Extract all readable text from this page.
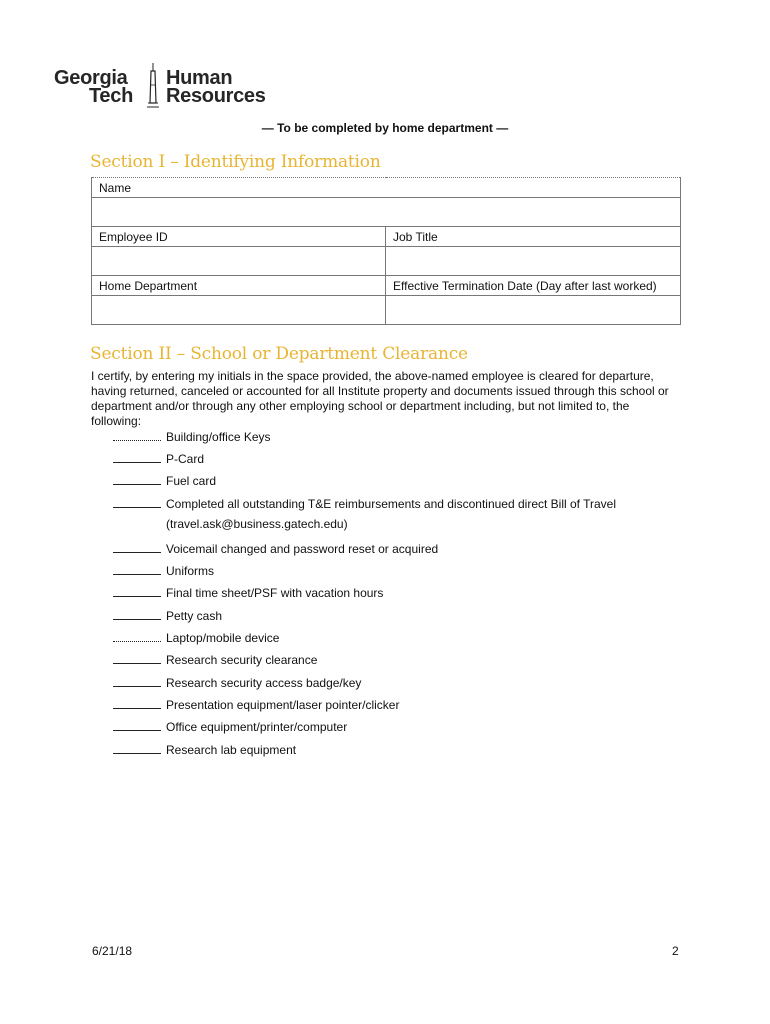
Georgia
Tech
Human
Resources
— To be completed by home department —
Section I – Identifying Information
Name	

Employee ID	Job Title

Home Department	Effective Termination Date (Day after last worked)

Section II – School or Department Clearance
I certify, by entering my initials in the space provided, the above-named employee is cleared for departure, having returned, canceled or accounted for all Institute property and documents issued through this school or department and/or through any other employing school or department including, but not limited to, the following:
Building/office Keys
P-Card
Fuel card
Completed all outstanding T&E reimbursements and discontinued direct Bill of Travel
(travel.ask@business.gatech.edu)
Voicemail changed and password reset or acquired
Uniforms
Final time sheet/PSF with vacation hours
Petty cash
Laptop/mobile device
Research security clearance
Research security access badge/key
Presentation equipment/laser pointer/clicker
Office equipment/printer/computer
Research lab equipment
6/21/18	2
